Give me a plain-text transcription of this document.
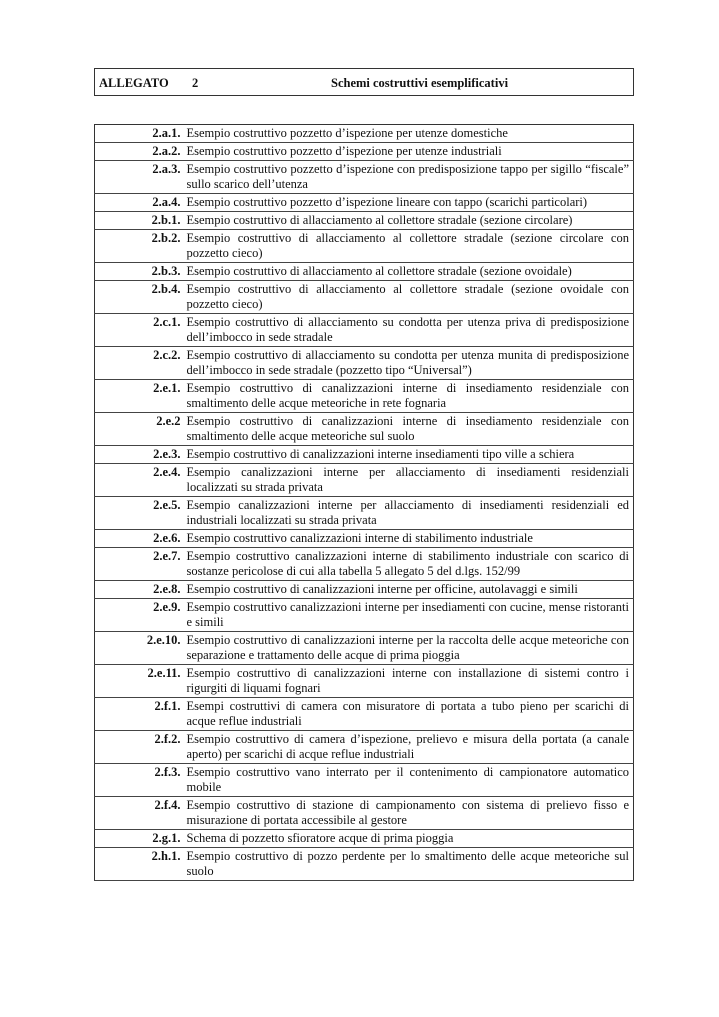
ALLEGATO 2	Schemi costruttivi esemplificativi
2.a.1.	Esempio costruttivo pozzetto d’ispezione per utenze domestiche
2.a.2.	Esempio costruttivo pozzetto d’ispezione per utenze industriali
2.a.3.	Esempio costruttivo pozzetto d’ispezione con predisposizione tappo per sigillo “fiscale” sullo scarico dell’utenza
2.a.4.	Esempio costruttivo pozzetto d’ispezione lineare con tappo (scarichi particolari)
2.b.1.	Esempio costruttivo di allacciamento al collettore stradale (sezione circolare)
2.b.2.	Esempio costruttivo di allacciamento al collettore stradale (sezione circolare con pozzetto cieco)
2.b.3.	Esempio costruttivo di allacciamento al collettore stradale (sezione ovoidale)
2.b.4.	Esempio costruttivo di allacciamento al collettore stradale (sezione ovoidale con pozzetto cieco)
2.c.1.	Esempio costruttivo di allacciamento su condotta per utenza priva di predisposizione dell’imbocco in sede stradale
2.c.2.	Esempio costruttivo di allacciamento su condotta per utenza munita di predisposizione dell’imbocco in sede stradale (pozzetto tipo “Universal”)
2.e.1.	Esempio costruttivo di canalizzazioni interne di insediamento residenziale con smaltimento delle acque meteoriche in rete fognaria
2.e.2	Esempio costruttivo di canalizzazioni interne di insediamento residenziale con smaltimento delle acque meteoriche sul suolo
2.e.3.	Esempio costruttivo di canalizzazioni interne insediamenti tipo ville a schiera
2.e.4.	Esempio canalizzazioni interne per allacciamento di insediamenti residenziali localizzati su strada privata
2.e.5.	Esempio canalizzazioni interne per allacciamento di insediamenti residenziali ed industriali localizzati su strada privata
2.e.6.	Esempio costruttivo canalizzazioni interne di stabilimento industriale
2.e.7.	Esempio costruttivo canalizzazioni interne di stabilimento industriale con scarico di sostanze pericolose di cui alla tabella 5 allegato 5 del d.lgs. 152/99
2.e.8.	Esempio costruttivo di canalizzazioni interne per officine, autolavaggi e simili
2.e.9.	Esempio costruttivo canalizzazioni interne per insediamenti con cucine, mense ristoranti e simili
2.e.10.	Esempio costruttivo di canalizzazioni interne per la raccolta delle acque meteoriche con separazione e trattamento delle acque di prima pioggia
2.e.11.	Esempio costruttivo di canalizzazioni interne con installazione di sistemi contro i rigurgiti di liquami fognari
2.f.1.	Esempi costruttivi di camera con misuratore di portata a tubo pieno per scarichi di acque reflue industriali
2.f.2.	Esempio costruttivo di camera d’ispezione, prelievo e misura della portata (a canale aperto) per scarichi di acque reflue industriali
2.f.3.	Esempio costruttivo vano interrato per il contenimento di campionatore automatico mobile
2.f.4.	Esempio costruttivo di stazione di campionamento con sistema di prelievo fisso e misurazione di portata accessibile al gestore
2.g.1.	Schema di pozzetto sfioratore acque di prima pioggia
2.h.1.	Esempio costruttivo di pozzo perdente per lo smaltimento delle acque meteoriche sul suolo
